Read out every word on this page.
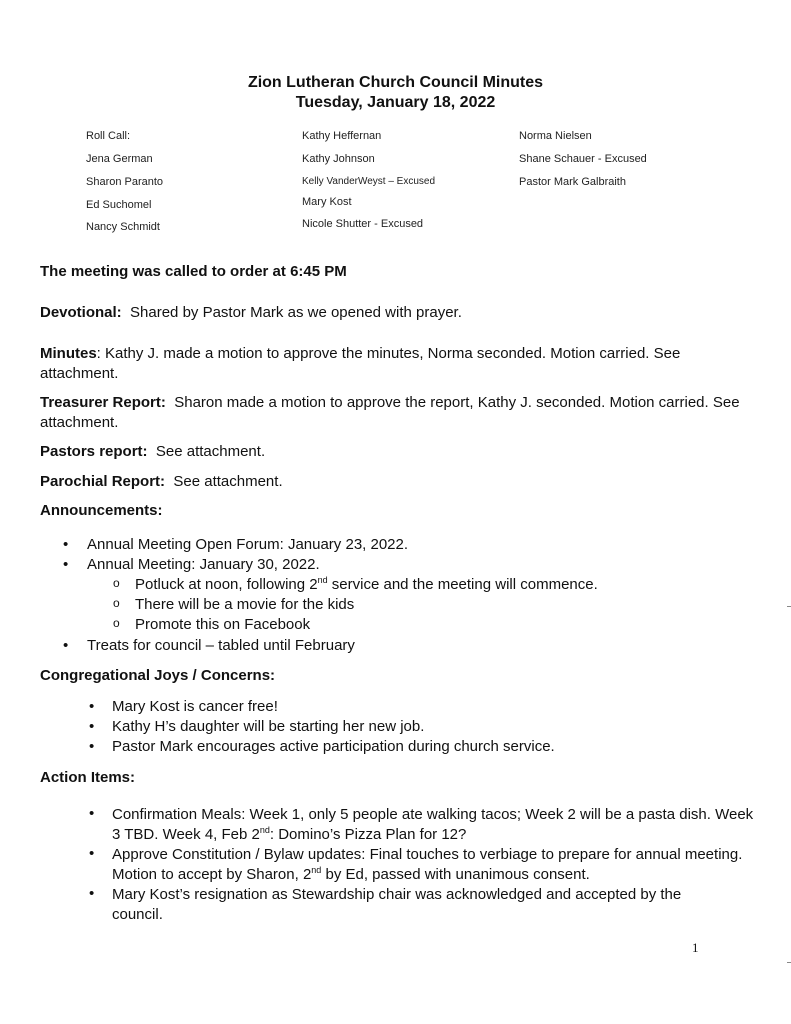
Zion Lutheran Church Council Minutes
Tuesday, January 18, 2022
Roll Call:
Jena German
Sharon Paranto
Ed Suchomel
Nancy Schmidt
Kathy Heffernan
Kathy Johnson
Kelly VanderWeyst – Excused
Mary Kost
Nicole Shutter - Excused
Norma Nielsen
Shane Schauer - Excused
Pastor Mark Galbraith
The meeting was called to order at 6:45 PM
Devotional: Shared by Pastor Mark as we opened with prayer.
Minutes: Kathy J. made a motion to approve the minutes, Norma seconded. Motion carried. See attachment.
Treasurer Report: Sharon made a motion to approve the report, Kathy J. seconded. Motion carried. See attachment.
Pastors report: See attachment.
Parochial Report: See attachment.
Announcements:
• Annual Meeting Open Forum: January 23, 2022.
• Annual Meeting: January 30, 2022.
o Potluck at noon, following 2nd service and the meeting will commence.
o There will be a movie for the kids
o Promote this on Facebook
• Treats for council – tabled until February
Congregational Joys / Concerns:
• Mary Kost is cancer free!
• Kathy H’s daughter will be starting her new job.
• Pastor Mark encourages active participation during church service.
Action Items:
• Confirmation Meals: Week 1, only 5 people ate walking tacos; Week 2 will be a pasta dish. Week 3 TBD. Week 4, Feb 2nd: Domino’s Pizza Plan for 12?
• Approve Constitution / Bylaw updates: Final touches to verbiage to prepare for annual meeting. Motion to accept by Sharon, 2nd by Ed, passed with unanimous consent.
• Mary Kost’s resignation as Stewardship chair was acknowledged and accepted by the council.
1
